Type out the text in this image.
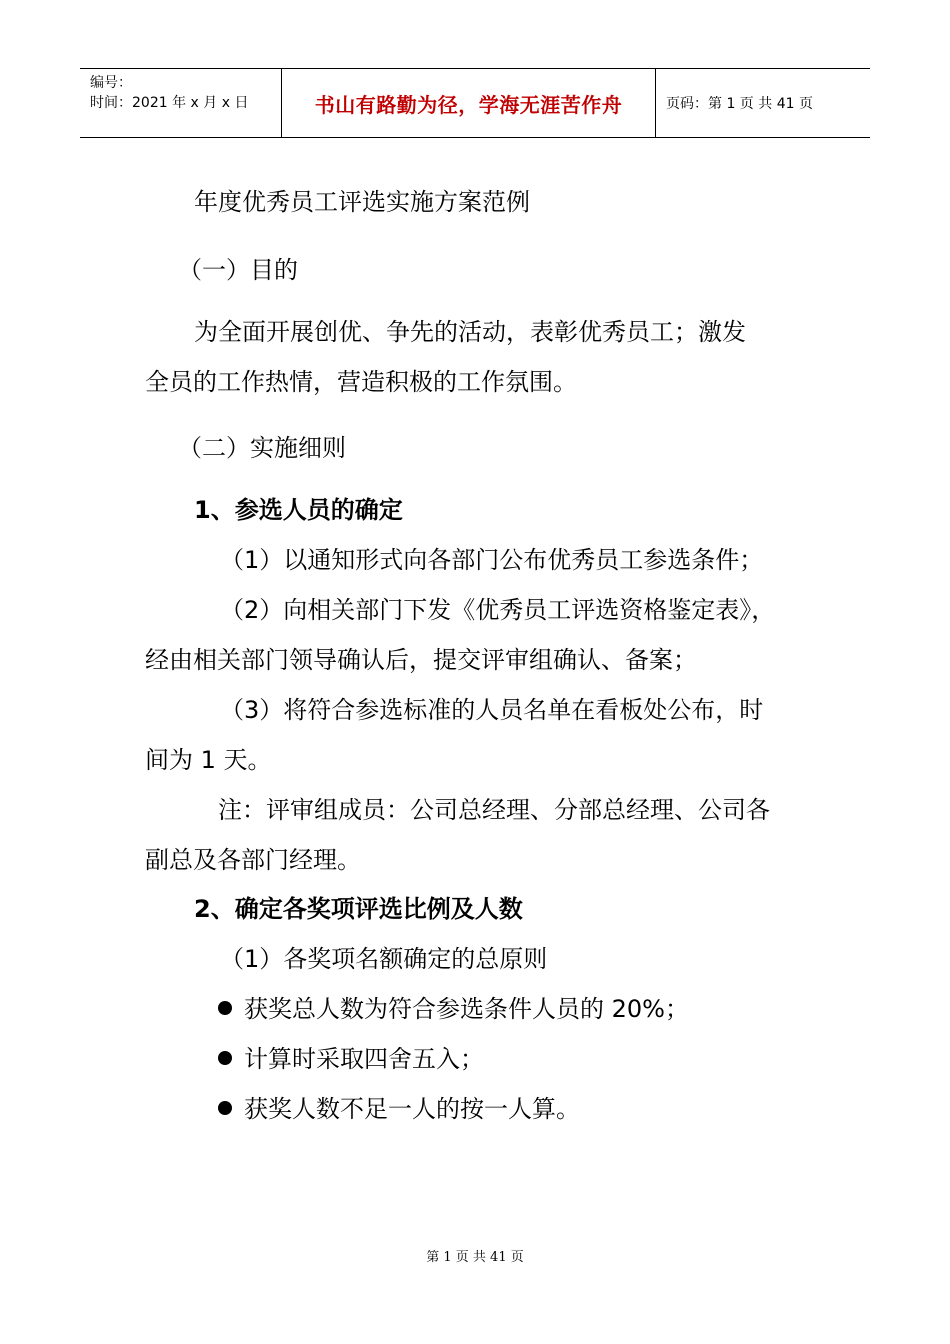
编号：
时间：2021 年 x 月 x 日	书山有路勤为径，学海无涯苦作舟	页码：第 1 页 共 41 页
年度优秀员工评选实施方案范例
（一）目的
为全面开展创优、争先的活动，表彰优秀员工；激发
全员的工作热情，营造积极的工作氛围。
（二）实施细则
1、参选人员的确定
（1）以通知形式向各部门公布优秀员工参选条件；
（2）向相关部门下发《优秀员工评选资格鉴定表》，
经由相关部门领导确认后，提交评审组确认、备案；
（3）将符合参选标准的人员名单在看板处公布，时
间为 1 天。
注：评审组成员：公司总经理、分部总经理、公司各
副总及各部门经理。
2、确定各奖项评选比例及人数
（1）各奖项名额确定的总原则
获奖总人数为符合参选条件人员的 20%；
计算时采取四舍五入；
获奖人数不足一人的按一人算。
第 1 页 共 41 页
